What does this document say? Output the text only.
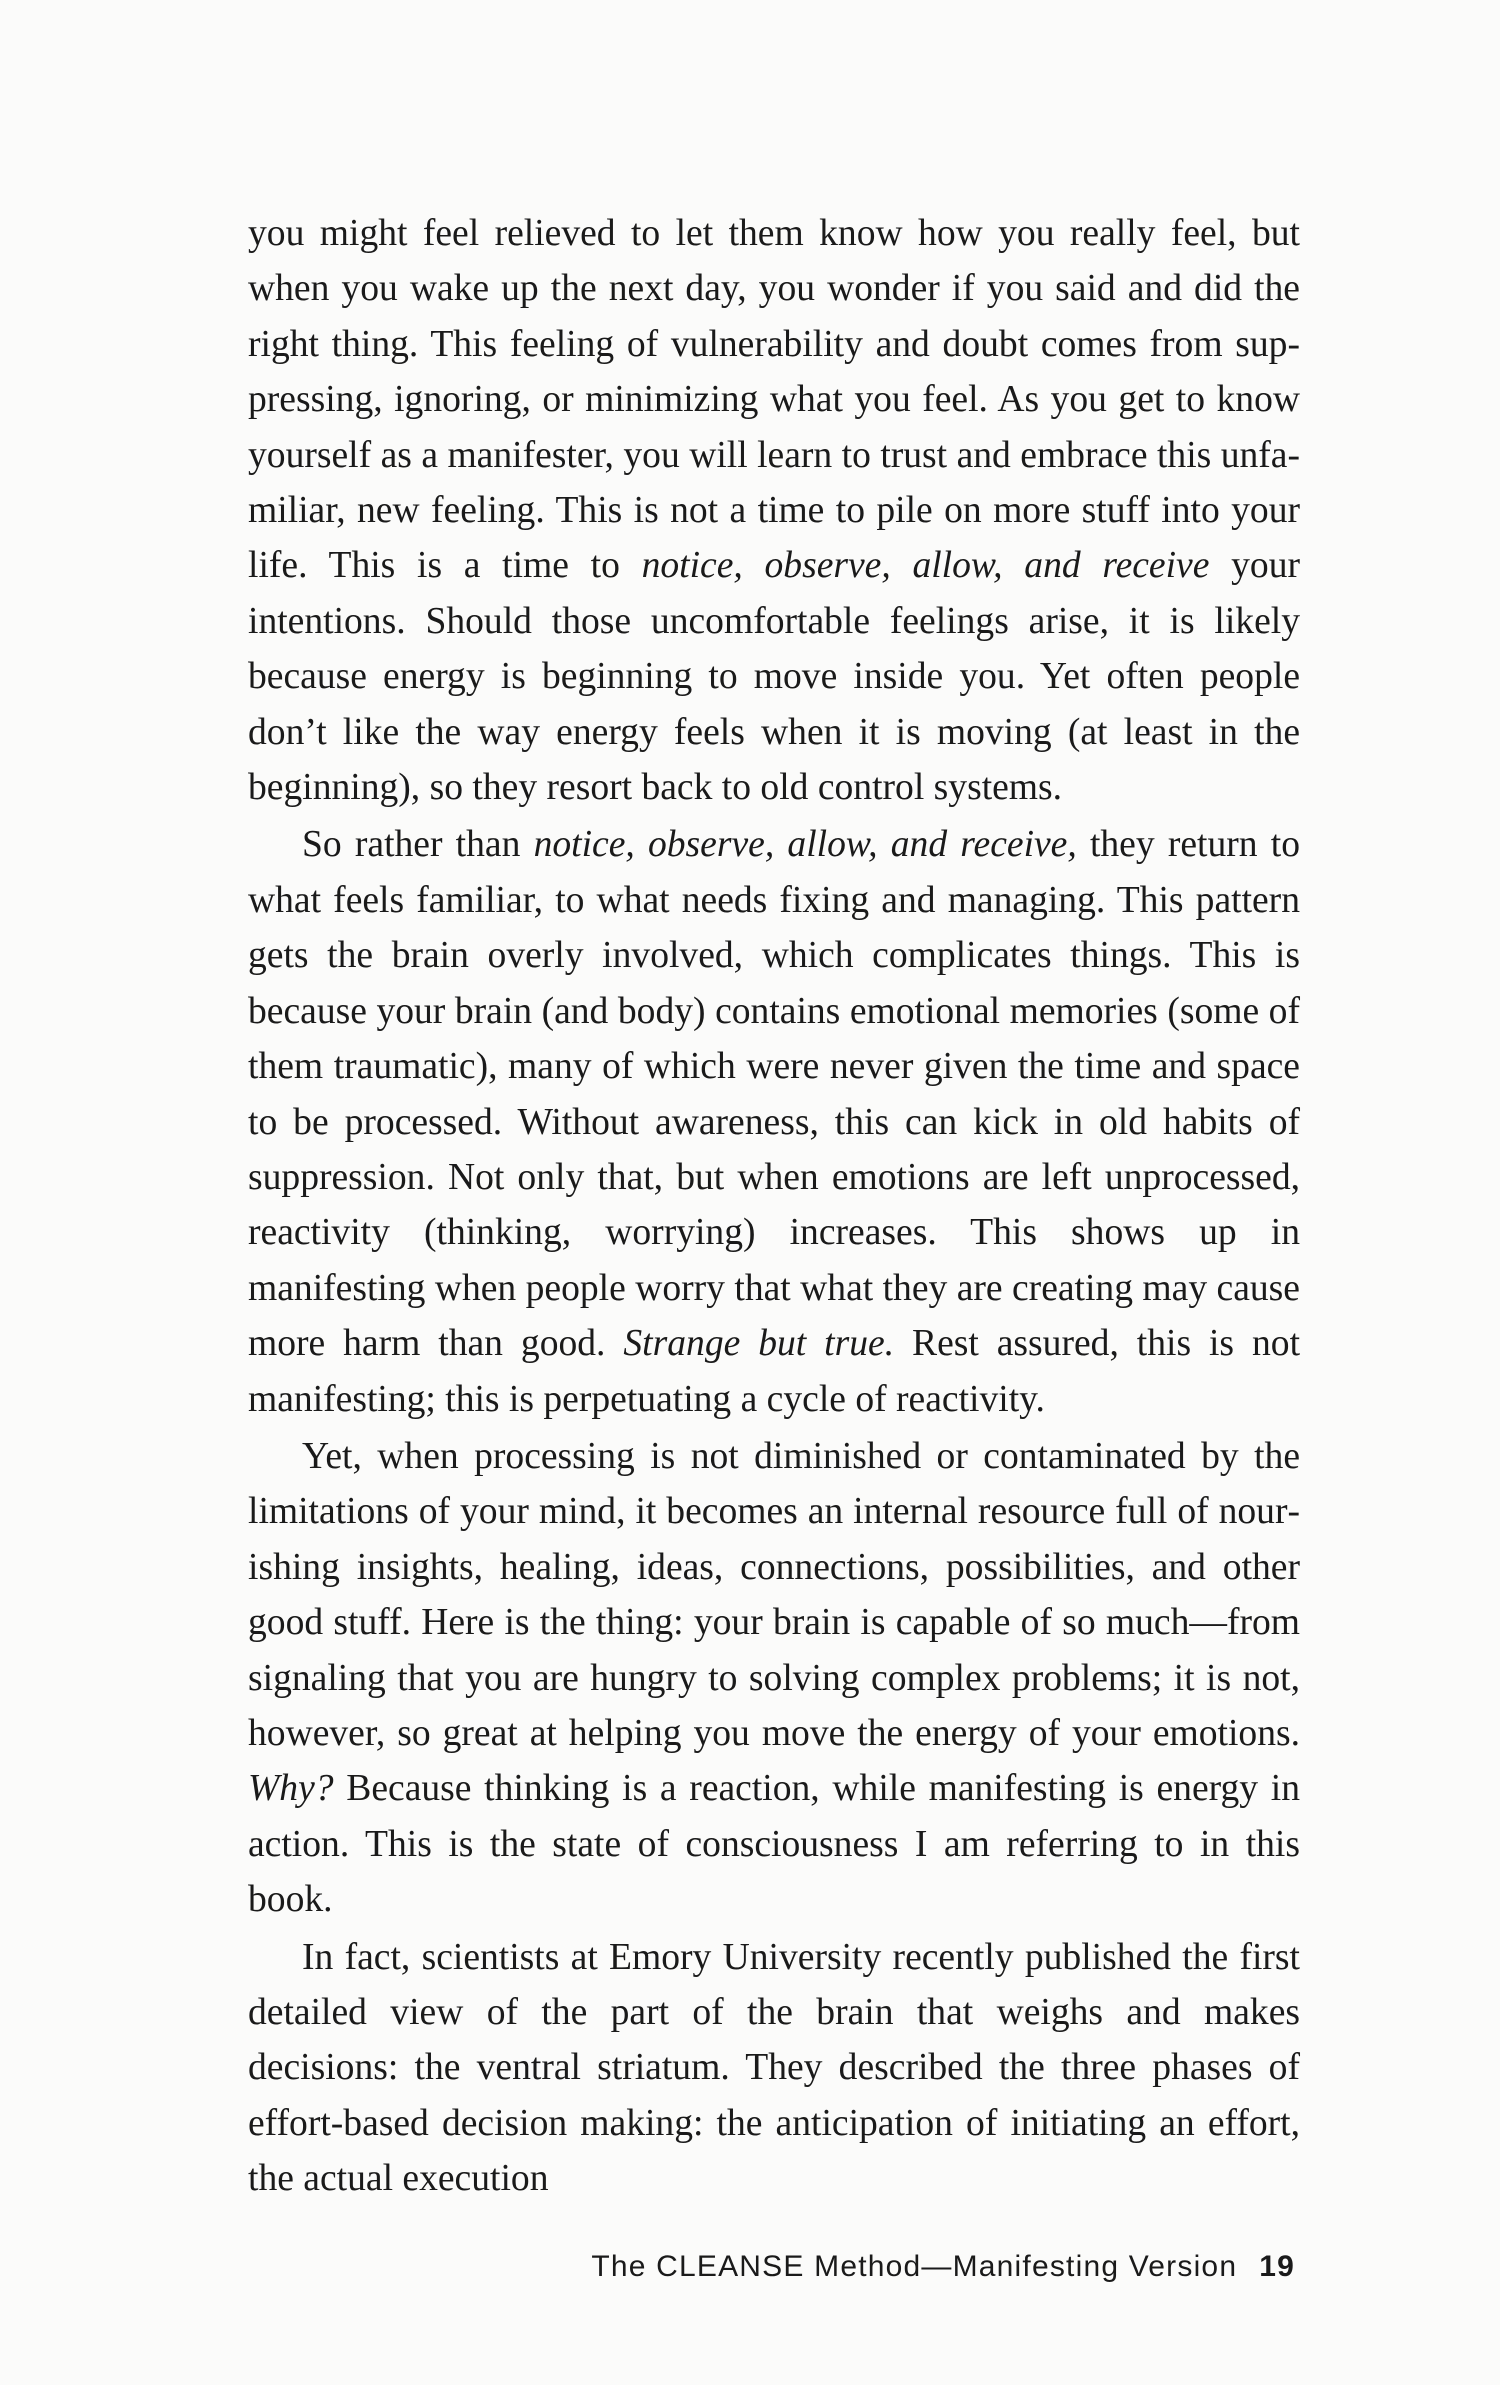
you might feel relieved to let them know how you really feel, but when you wake up the next day, you wonder if you said and did the right thing. This feeling of vulnerability and doubt comes from suppressing, ignoring, or minimizing what you feel. As you get to know yourself as a manifester, you will learn to trust and embrace this unfamiliar, new feeling. This is not a time to pile on more stuff into your life. This is a time to notice, observe, allow, and receive your intentions. Should those uncomfortable feelings arise, it is likely because energy is beginning to move inside you. Yet often people don’t like the way energy feels when it is moving (at least in the beginning), so they resort back to old control systems.

So rather than notice, observe, allow, and receive, they return to what feels familiar, to what needs fixing and managing. This pattern gets the brain overly involved, which complicates things. This is because your brain (and body) contains emotional memories (some of them traumatic), many of which were never given the time and space to be processed. Without awareness, this can kick in old habits of suppression. Not only that, but when emotions are left unprocessed, reactivity (thinking, worrying) increases. This shows up in manifesting when people worry that what they are creating may cause more harm than good. Strange but true. Rest assured, this is not manifesting; this is perpetuating a cycle of reactivity.

Yet, when processing is not diminished or contaminated by the limitations of your mind, it becomes an internal resource full of nourishing insights, healing, ideas, connections, possibilities, and other good stuff. Here is the thing: your brain is capable of so much—from signaling that you are hungry to solving complex problems; it is not, however, so great at helping you move the energy of your emotions. Why? Because thinking is a reaction, while manifesting is energy in action. This is the state of consciousness I am referring to in this book.

In fact, scientists at Emory University recently published the first detailed view of the part of the brain that weighs and makes decisions: the ventral striatum. They described the three phases of effort-based decision making: the anticipation of initiating an effort, the actual execution

The CLEANSE Method—Manifesting Version 19
